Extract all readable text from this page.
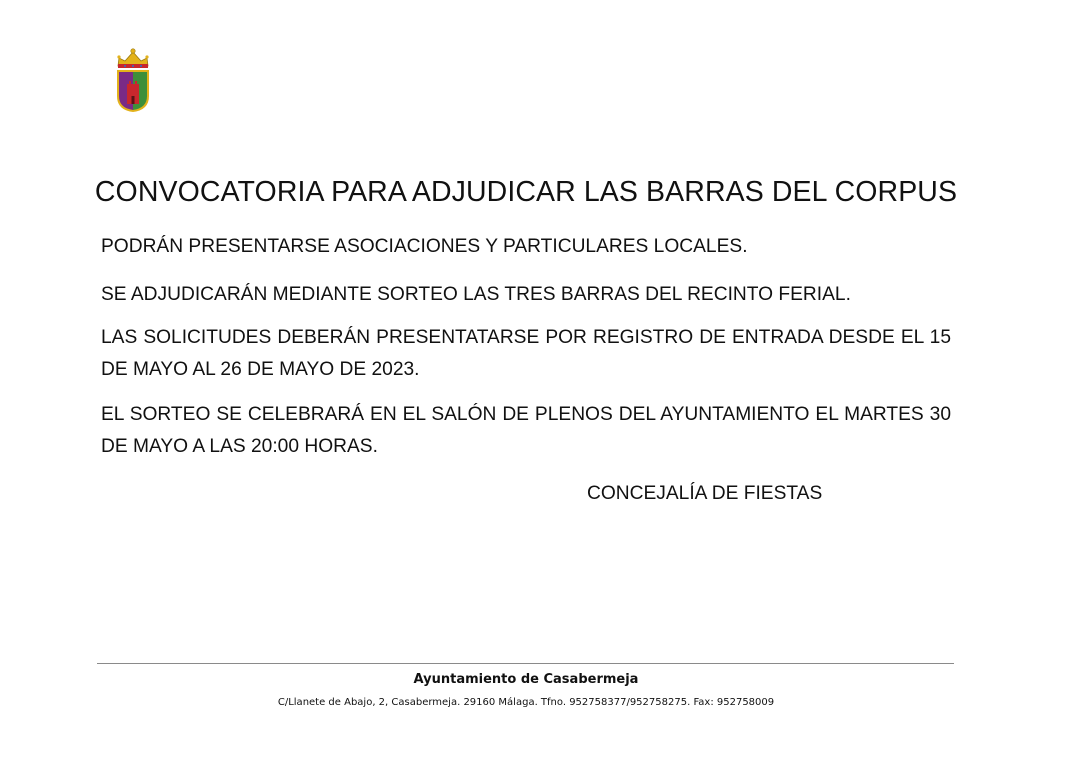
CONVOCATORIA PARA ADJUDICAR LAS BARRAS DEL CORPUS
PODRÁN PRESENTARSE ASOCIACIONES Y PARTICULARES LOCALES.
SE ADJUDICARÁN MEDIANTE SORTEO LAS TRES BARRAS DEL RECINTO FERIAL.
LAS SOLICITUDES DEBERÁN PRESENTATARSE POR REGISTRO DE ENTRADA DESDE EL 15 DE MAYO AL 26 DE MAYO DE 2023.
EL SORTEO SE CELEBRARÁ EN EL SALÓN DE PLENOS DEL AYUNTAMIENTO EL MARTES 30 DE MAYO A LAS 20:00 HORAS.
CONCEJALÍA DE FIESTAS
Ayuntamiento de Casabermeja
C/Llanete de Abajo, 2, Casabermeja. 29160 Málaga. Tfno. 952758377/952758275. Fax: 952758009
